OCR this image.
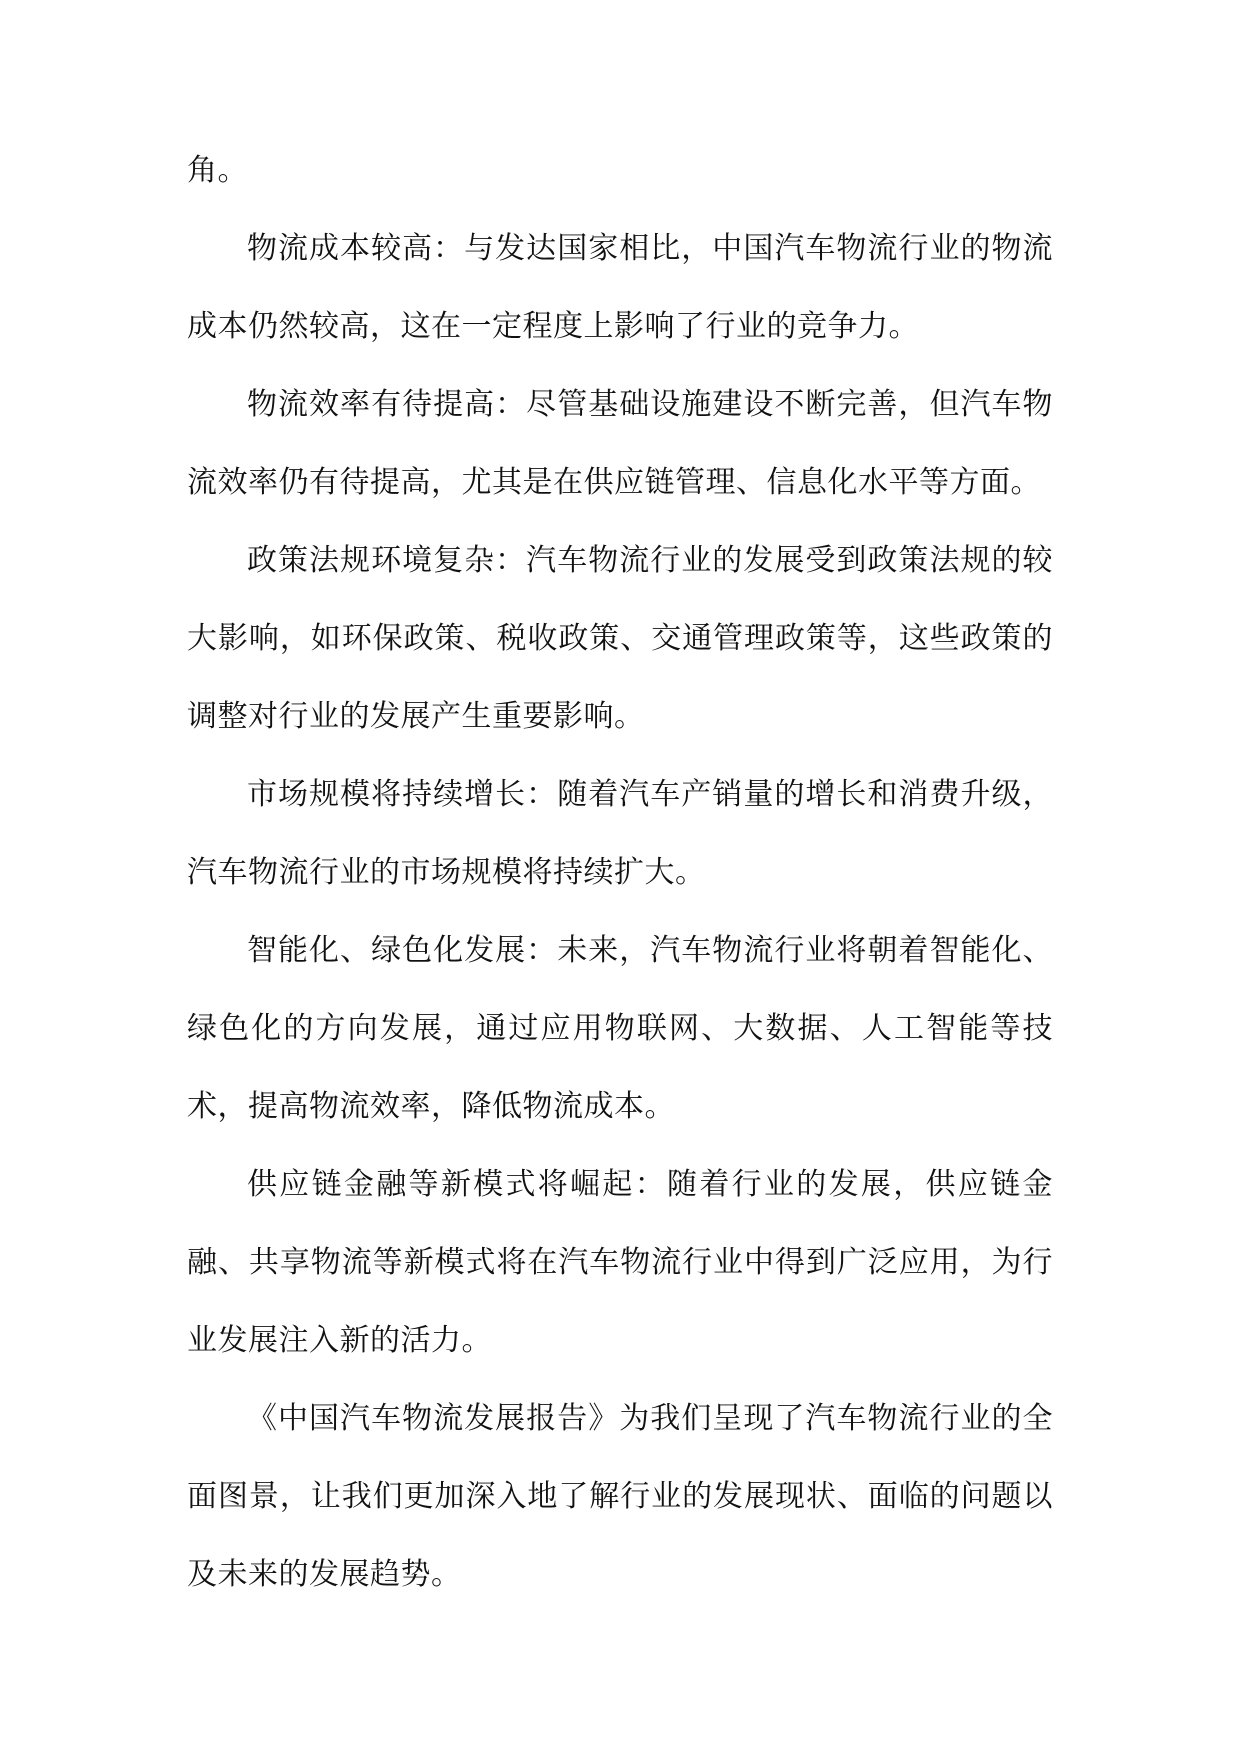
角。

物流成本较高：与发达国家相比，中国汽车物流行业的物流成本仍然较高，这在一定程度上影响了行业的竞争力。

物流效率有待提高：尽管基础设施建设不断完善，但汽车物流效率仍有待提高，尤其是在供应链管理、信息化水平等方面。

政策法规环境复杂：汽车物流行业的发展受到政策法规的较大影响，如环保政策、税收政策、交通管理政策等，这些政策的调整对行业的发展产生重要影响。

市场规模将持续增长：随着汽车产销量的增长和消费升级，汽车物流行业的市场规模将持续扩大。

智能化、绿色化发展：未来，汽车物流行业将朝着智能化、绿色化的方向发展，通过应用物联网、大数据、人工智能等技术，提高物流效率，降低物流成本。

供应链金融等新模式将崛起：随着行业的发展，供应链金融、共享物流等新模式将在汽车物流行业中得到广泛应用，为行业发展注入新的活力。

《中国汽车物流发展报告》为我们呈现了汽车物流行业的全面图景，让我们更加深入地了解行业的发展现状、面临的问题以及未来的发展趋势。
